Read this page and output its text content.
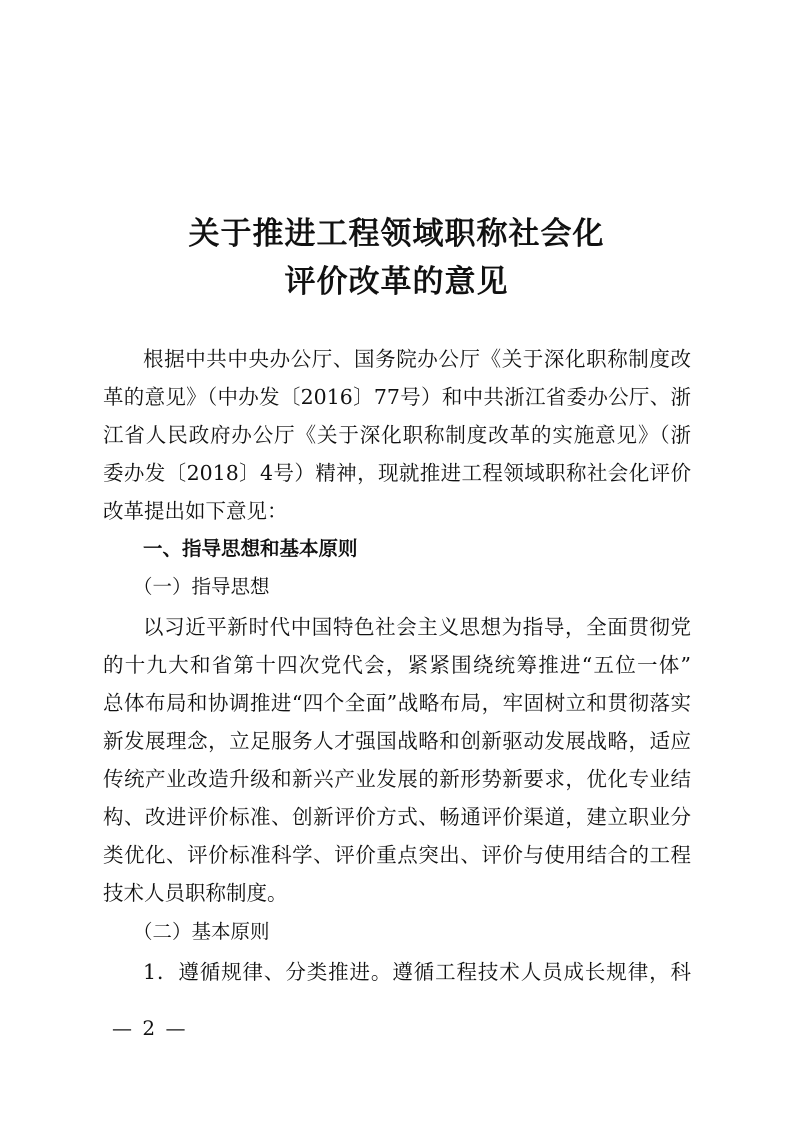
关于推进工程领域职称社会化
评价改革的意见
根据中共中央办公厅、国务院办公厅《关于深化职称制度改
革的意见》（中办发〔2016〕77号）和中共浙江省委办公厅、浙
江省人民政府办公厅《关于深化职称制度改革的实施意见》（浙
委办发〔2018〕4号）精神，现就推进工程领域职称社会化评价
改革提出如下意见：
一、指导思想和基本原则
（一）指导思想
以习近平新时代中国特色社会主义思想为指导，全面贯彻党
的十九大和省第十四次党代会，紧紧围绕统筹推进“五位一体”
总体布局和协调推进“四个全面”战略布局，牢固树立和贯彻落实
新发展理念，立足服务人才强国战略和创新驱动发展战略，适应
传统产业改造升级和新兴产业发展的新形势新要求，优化专业结
构、改进评价标准、创新评价方式、畅通评价渠道，建立职业分
类优化、评价标准科学、评价重点突出、评价与使用结合的工程
技术人员职称制度。
（二）基本原则
1．遵循规律、分类推进。遵循工程技术人员成长规律，科
— 2 —
